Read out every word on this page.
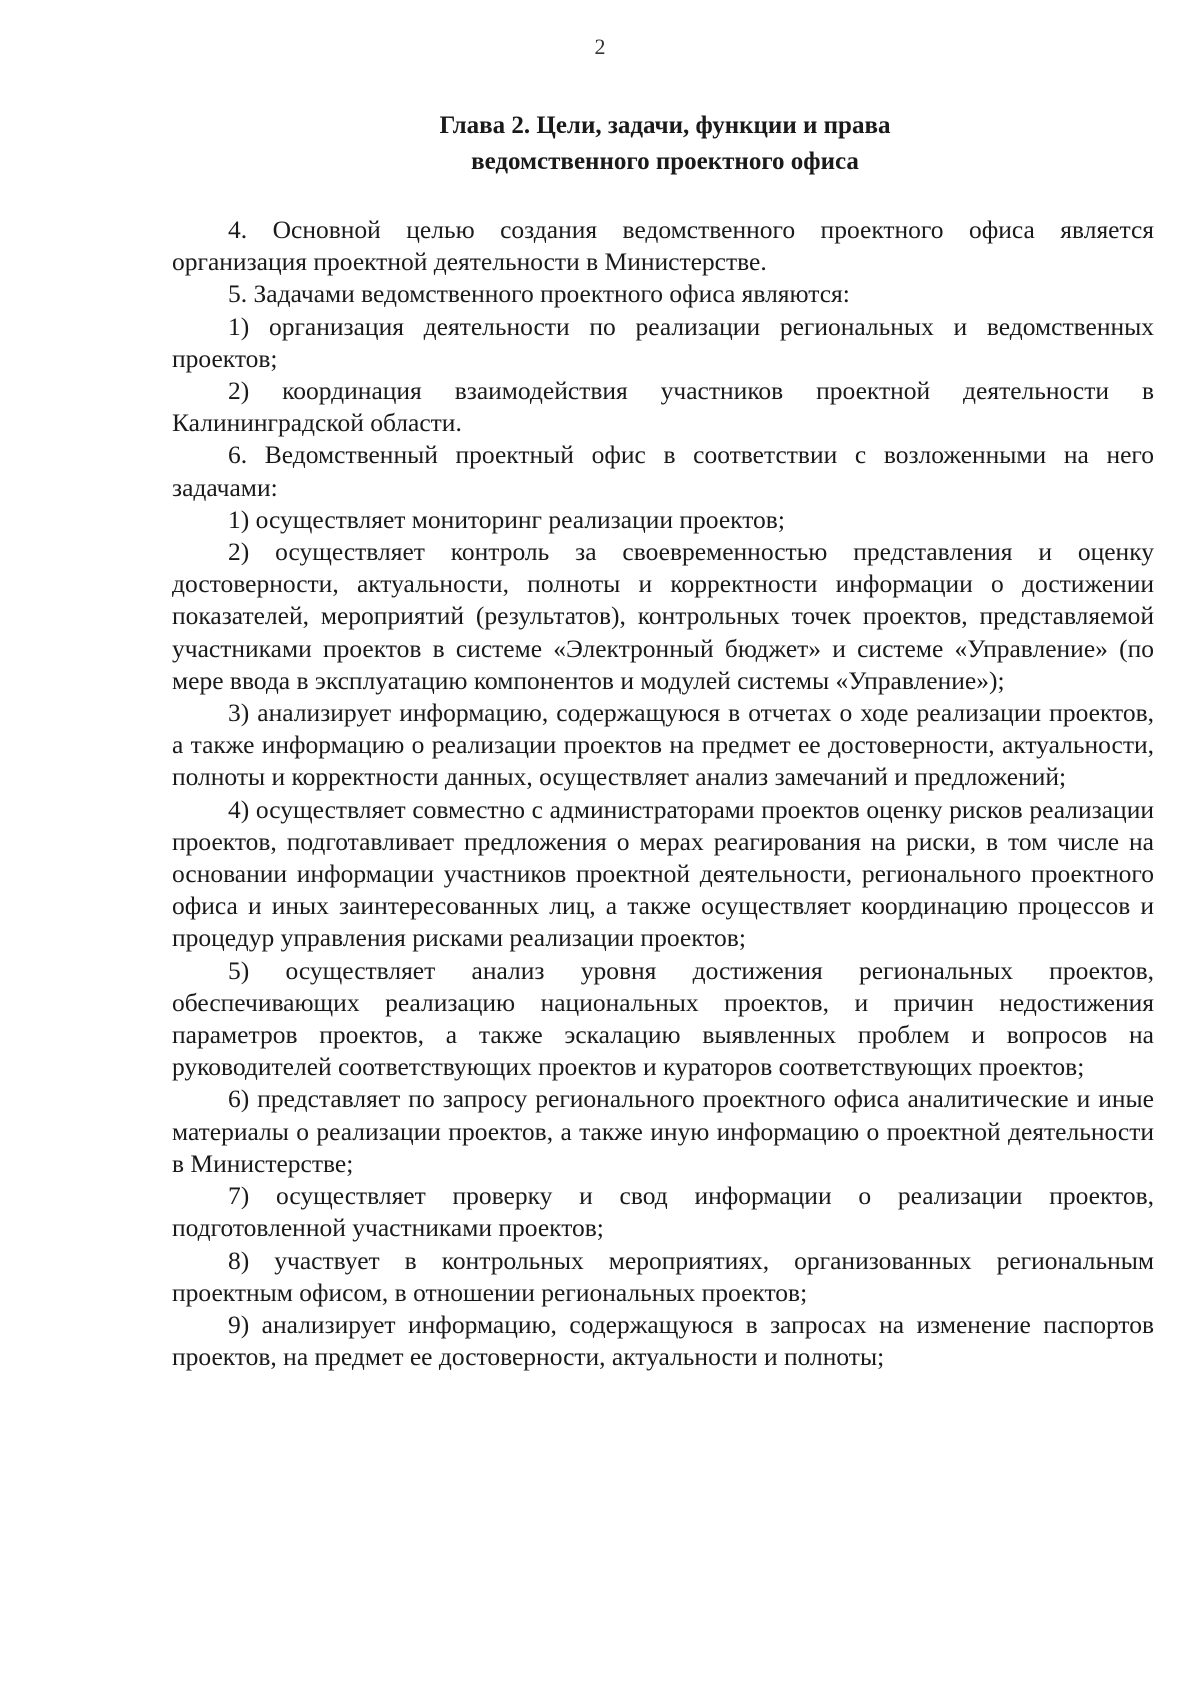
2
Глава 2. Цели, задачи, функции и права
ведомственного проектного офиса

4. Основной целью создания ведомственного проектного офиса является организация проектной деятельности в Министерстве.

5. Задачами ведомственного проектного офиса являются:

1) организация деятельности по реализации региональных и ведомственных проектов;

2) координация взаимодействия участников проектной деятельности в Калининградской области.

6. Ведомственный проектный офис в соответствии с возложенными на него задачами:

1) осуществляет мониторинг реализации проектов;

2) осуществляет контроль за своевременностью представления и оценку достоверности, актуальности, полноты и корректности информации о достижении показателей, мероприятий (результатов), контрольных точек проектов, представляемой участниками проектов в системе «Электронный бюджет» и системе «Управление» (по мере ввода в эксплуатацию компонентов и модулей системы «Управление»);

3) анализирует информацию, содержащуюся в отчетах о ходе реализации проектов, а также информацию о реализации проектов на предмет ее достоверности, актуальности, полноты и корректности данных, осуществляет анализ замечаний и предложений;

4) осуществляет совместно с администраторами проектов оценку рисков реализации проектов, подготавливает предложения о мерах реагирования на риски, в том числе на основании информации участников проектной деятельности, регионального проектного офиса и иных заинтересованных лиц, а также осуществляет координацию процессов и процедур управления рисками реализации проектов;

5) осуществляет анализ уровня достижения региональных проектов, обеспечивающих реализацию национальных проектов, и причин недостижения параметров проектов, а также эскалацию выявленных проблем и вопросов на руководителей соответствующих проектов и кураторов соответствующих проектов;

6) представляет по запросу регионального проектного офиса аналитические и иные материалы о реализации проектов, а также иную информацию о проектной деятельности в Министерстве;

7) осуществляет проверку и свод информации о реализации проектов, подготовленной участниками проектов;

8) участвует в контрольных мероприятиях, организованных региональным проектным офисом, в отношении региональных проектов;

9) анализирует информацию, содержащуюся в запросах на изменение паспортов проектов, на предмет ее достоверности, актуальности и полноты;
